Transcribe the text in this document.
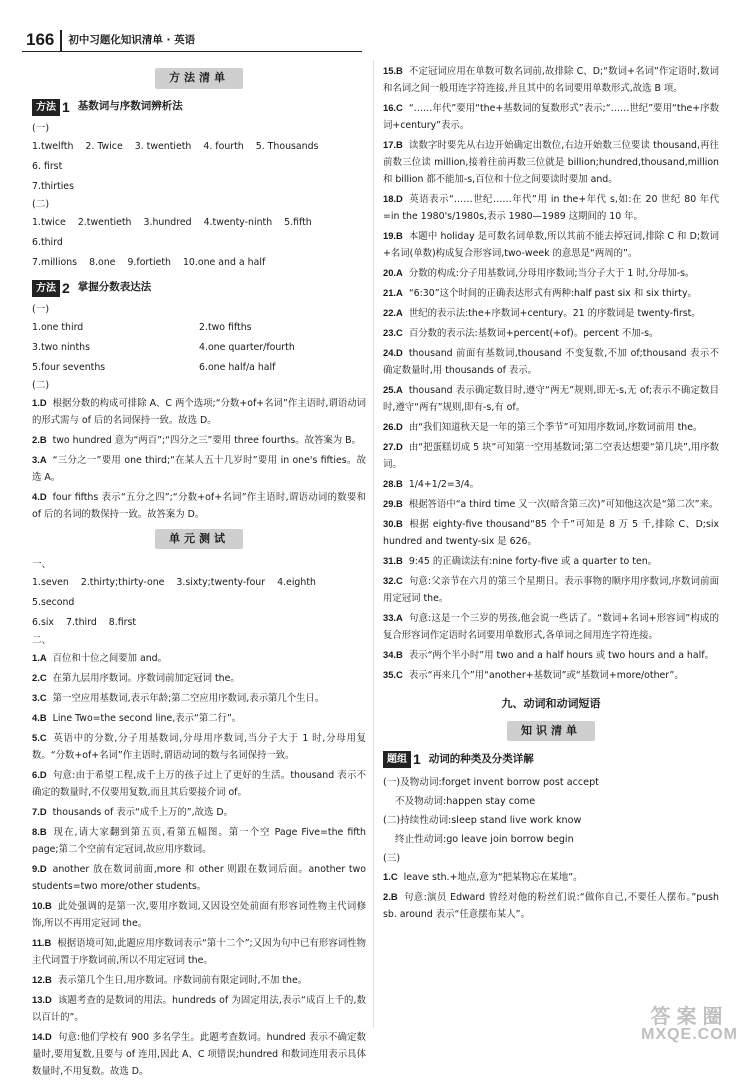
166	初中习题化知识清单 · 英语
方法清单
方法 1 基数词与序数词辨析法
(一)
1.twelfth 2. Twice 3. twentieth 4. fourth 5. Thousands
6. first
7.thirties
(二)
1.twice 2.twentieth 3.hundred 4.twenty-ninth 5.fifth
6.third
7.millions 8.one 9.fortieth 10.one and a half
方法 2 掌握分数表达法
(一)
1.one third	2.two fifths
3.two ninths	4.one quarter/fourth
5.four sevenths	6.one half/a half
(二)
1.D 根据分数的构成可排除 A、C 两个选项;“分数+of+名词”作主语时,谓语动词的形式需与 of 后的名词保持一致。故选 D。
2.B two hundred 意为“两百”;“四分之三”要用 three fourths。故答案为 B。
3.A “三分之一”要用 one third;“在某人五十几岁时”要用 in one's fifties。故选 A。
4.D four fifths 表示“五分之四”;“分数+of+名词”作主语时,谓语动词的数要和 of 后的名词的数保持一致。故答案为 D。
单元测试
一、
1.seven 2.thirty;thirty-one 3.sixty;twenty-four 4.eighth
5.second
6.six 7.third 8.first
二、
1.A 百位和十位之间要加 and。
2.C 在第九层用序数词。序数词前加定冠词 the。
3.C 第一空应用基数词,表示年龄;第二空应用序数词,表示第几个生日。
4.B Line Two=the second line,表示“第二行”。
5.C 英语中的分数,分子用基数词,分母用序数词,当分子大于 1 时,分母用复数。“分数+of+名词”作主语时,谓语动词的数与名词保持一致。
6.D 句意:由于希望工程,成千上万的孩子过上了更好的生活。thousand 表示不确定的数量时,不仅要用复数,而且其后要接介词 of。
7.D thousands of 表示“成千上万的”,故选 D。
8.B 现在,请大家翻到第五页,看第五幅图。第一个空 Page Five=the fifth page;第二个空前有定冠词,故应用序数词。
9.D another 放在数词前面,more 和 other 则跟在数词后面。another two students=two more/other students。
10.B 此处强调的是第一次,要用序数词,又因设空处前面有形容词性物主代词修饰,所以不再用定冠词 the。
11.B 根据语境可知,此题应用序数词表示“第十二个”;又因为句中已有形容词性物主代词置于序数词前,所以不用定冠词 the。
12.B 表示第几个生日,用序数词。序数词前有限定词时,不加 the。
13.D 该题考查的是数词的用法。hundreds of 为固定用法,表示“成百上千的,数以百计的”。
14.D 句意:他们学校有 900 多名学生。此题考查数词。hundred 表示不确定数量时,要用复数,且要与 of 连用,因此 A、C 项错误;hundred 和数词连用表示具体数量时,不用复数。故选 D。
15.B 不定冠词应用在单数可数名词前,故排除 C、D;“数词+名词”作定语时,数词和名词之间一般用连字符连接,并且其中的名词要用单数形式,故选 B 项。
16.C “……年代”要用“the+基数词的复数形式”表示;“……世纪”要用“the+序数词+century”表示。
17.B 读数字时要先从右边开始确定出数位,右边开始数三位要读 thousand,再往前数三位读 million,接着往前再数三位就是 billion;hundred,thousand,million 和 billion 都不能加-s,百位和十位之间要读时要加 and。
18.D 英语表示“……世纪……年代”用 in the+年代 s,如:在 20 世纪 80 年代=in the 1980's/1980s,表示 1980—1989 这期间的 10 年。
19.B 本题中 holiday 是可数名词单数,所以其前不能去掉冠词,排除 C 和 D;数词+名词(单数)构成复合形容词,two-week 的意思是“两周的”。
20.A 分数的构成:分子用基数词,分母用序数词;当分子大于 1 时,分母加-s。
21.A “6:30”这个时间的正确表达形式有两种:half past six 和 six thirty。
22.A 世纪的表示法:the+序数词+century。21 的序数词是 twenty-first。
23.C 百分数的表示法:基数词+percent(+of)。percent 不加-s。
24.D thousand 前面有基数词,thousand 不变复数,不加 of;thousand 表示不确定数量时,用 thousands of 表示。
25.A thousand 表示确定数目时,遵守“两无”规则,即无-s,无 of;表示不确定数目时,遵守“两有”规则,即有-s,有 of。
26.D 由“我们知道秋天是一年的第三个季节”可知用序数词,序数词前用 the。
27.D 由“把蛋糕切成 5 块”可知第一空用基数词;第二空表达想要“第几块”,用序数词。
28.B 1/4+1/2=3/4。
29.B 根据答语中“a third time 又一次(暗含第三次)”可知他这次是“第二次”来。
30.B 根据 eighty-five thousand“85 个千”可知是 8 万 5 千,排除 C、D;six hundred and twenty-six 是 626。
31.B 9:45 的正确读法有:nine forty-five 或 a quarter to ten。
32.C 句意:父亲节在六月的第三个星期日。表示事物的顺序用序数词,序数词前面用定冠词 the。
33.A 句意:这是一个三岁的男孩,他会说一些话了。“数词+名词+形容词”构成的复合形容词作定语时名词要用单数形式,各单词之间用连字符连接。
34.B 表示“两个半小时”用 two and a half hours 或 two hours and a half。
35.C 表示“再来几个”用“another+基数词”或“基数词+more/other”。
九、动词和动词短语
知识清单
题组 1 动词的种类及分类详解
(一)及物动词:forget invent borrow post accept
不及物动词:happen stay come
(二)持续性动词:sleep stand live work know
终止性动词:go leave join borrow begin
(三)
1.C leave sth.+地点,意为“把某物忘在某地”。
2.B 句意:演员 Edward 曾经对他的粉丝们说:“做你自己,不要任人摆布。”push sb. around 表示“任意摆布某人”。
答案圈
MXQE.COM
